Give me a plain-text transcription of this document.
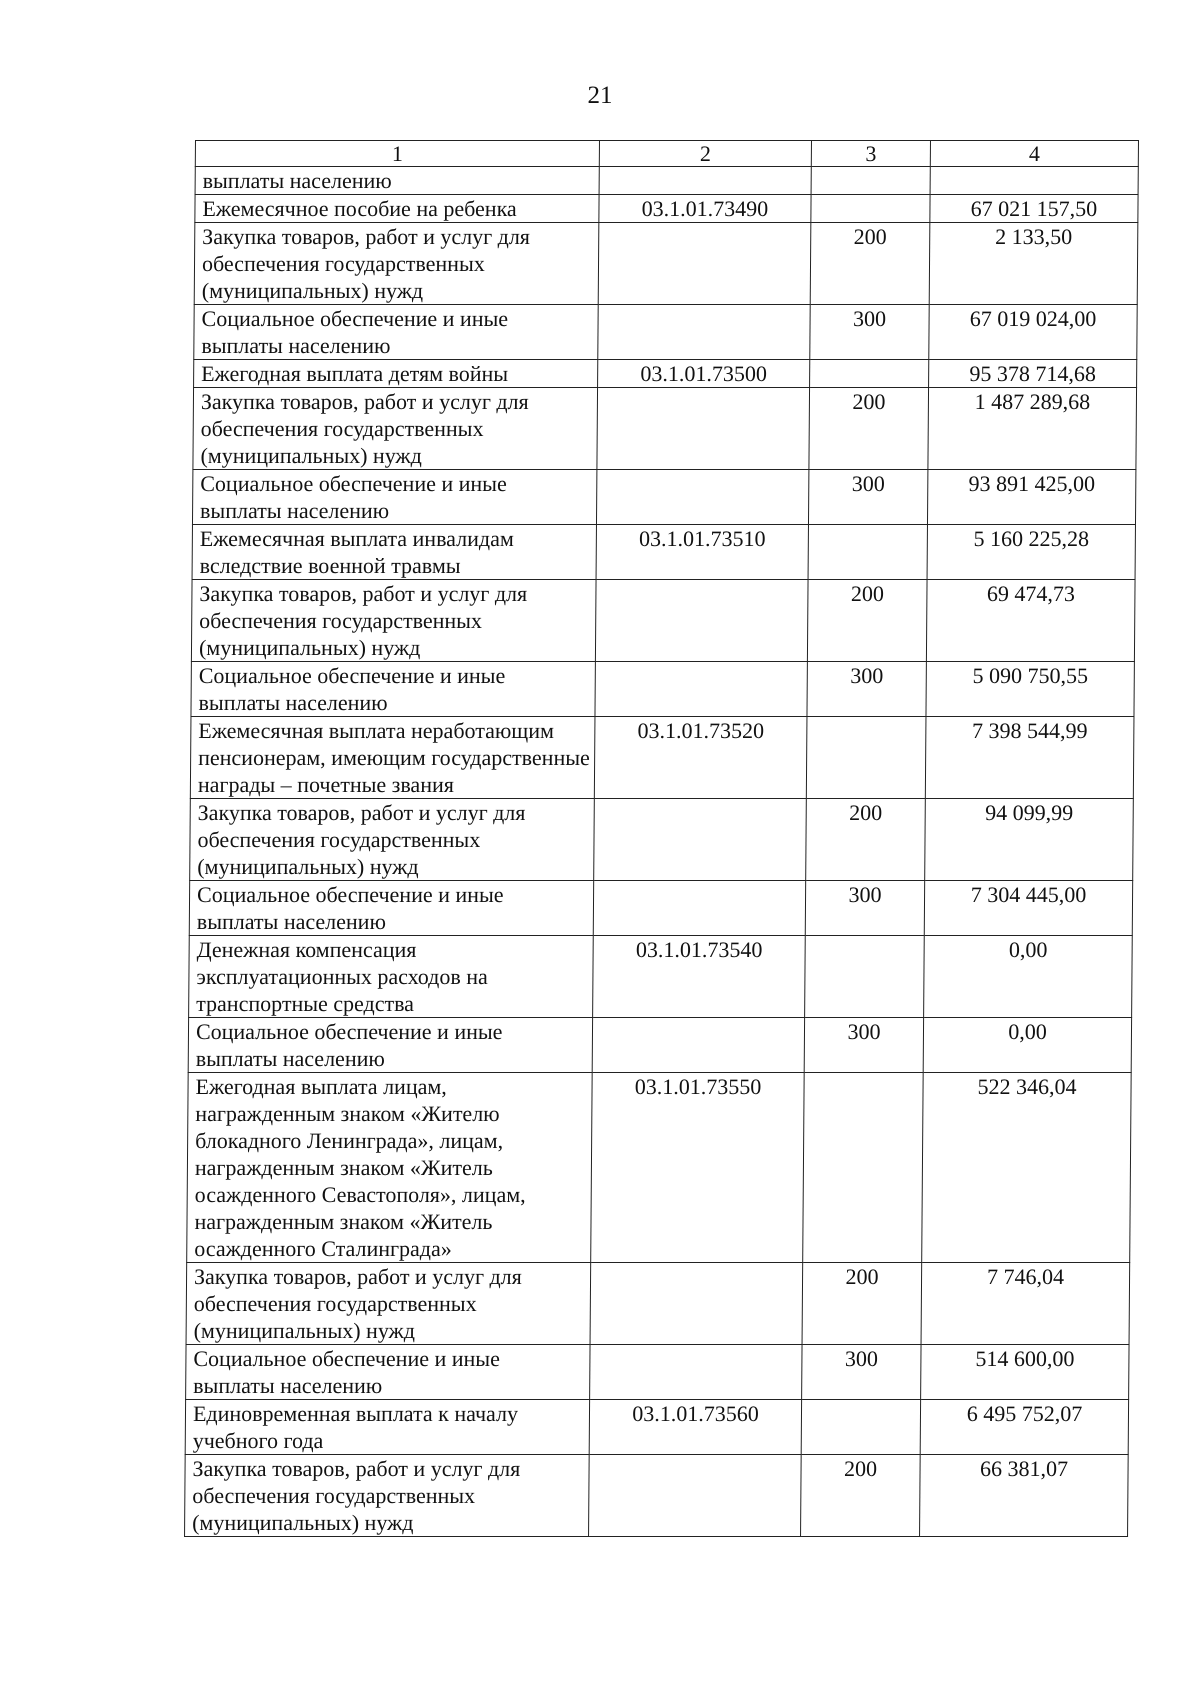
21
1	2	3	4
выплаты населению			
Ежемесячное пособие на ребенка	03.1.01.73490		67 021 157,50
Закупка товаров, работ и услуг для обеспечения государственных (муниципальных) нужд		200	2 133,50
Социальное обеспечение и иные выплаты населению		300	67 019 024,00
Ежегодная выплата детям войны	03.1.01.73500		95 378 714,68
Закупка товаров, работ и услуг для обеспечения государственных (муниципальных) нужд		200	1 487 289,68
Социальное обеспечение и иные выплаты населению		300	93 891 425,00
Ежемесячная выплата инвалидам вследствие военной травмы	03.1.01.73510		5 160 225,28
Закупка товаров, работ и услуг для обеспечения государственных (муниципальных) нужд		200	69 474,73
Социальное обеспечение и иные выплаты населению		300	5 090 750,55
Ежемесячная выплата неработающим пенсионерам, имеющим государственные награды – почетные звания	03.1.01.73520		7 398 544,99
Закупка товаров, работ и услуг для обеспечения государственных (муниципальных) нужд		200	94 099,99
Социальное обеспечение и иные выплаты населению		300	7 304 445,00
Денежная компенсация эксплуатационных расходов на транспортные средства	03.1.01.73540		0,00
Социальное обеспечение и иные выплаты населению		300	0,00
Ежегодная выплата лицам, награжденным знаком «Жителю блокадного Ленинграда», лицам, награжденным знаком «Житель осажденного Севастополя», лицам, награжденным знаком «Житель осажденного Сталинграда»	03.1.01.73550		522 346,04
Закупка товаров, работ и услуг для обеспечения государственных (муниципальных) нужд		200	7 746,04
Социальное обеспечение и иные выплаты населению		300	514 600,00
Единовременная выплата к началу учебного года	03.1.01.73560		6 495 752,07
Закупка товаров, работ и услуг для обеспечения государственных (муниципальных) нужд		200	66 381,07
